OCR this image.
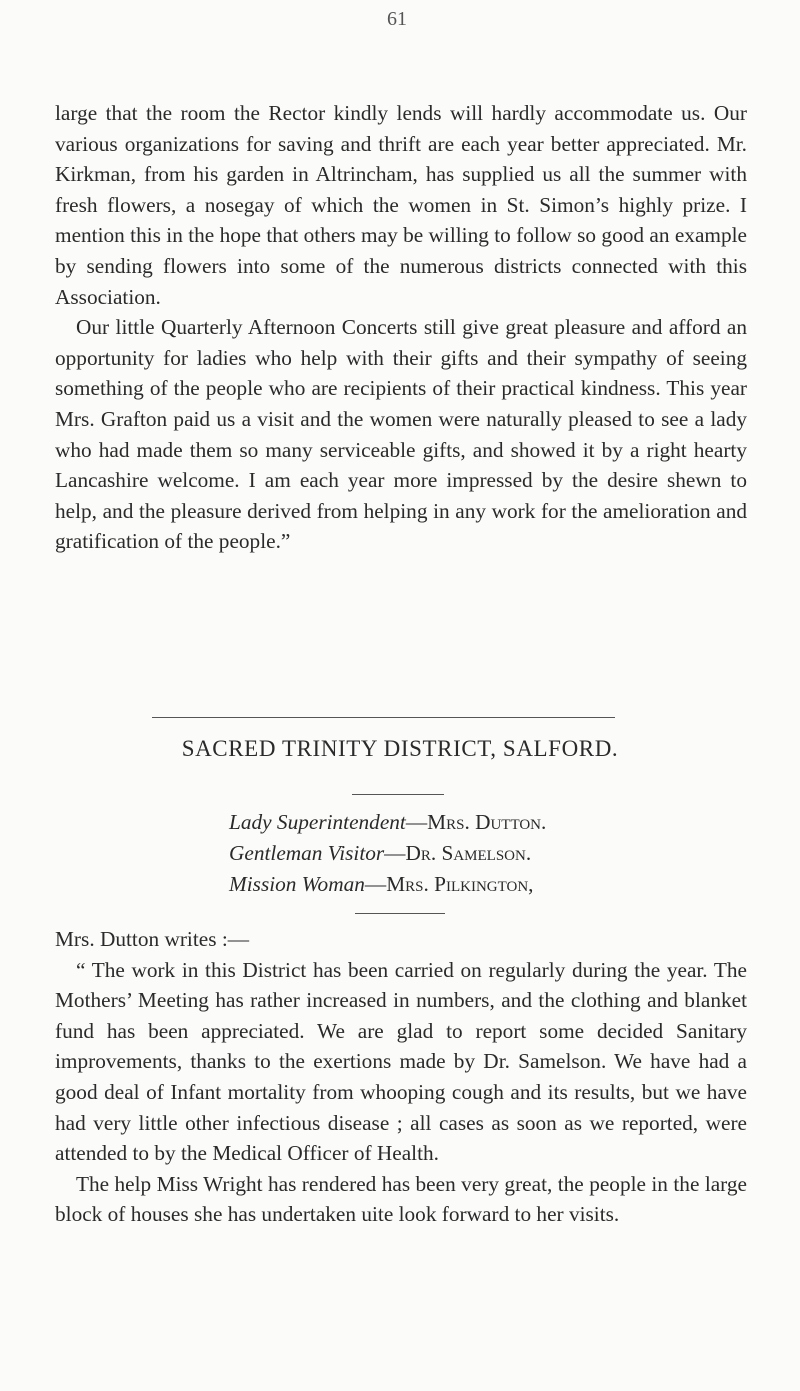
61

large that the room the Rector kindly lends will hardly accommodate us. Our various organizations for saving and thrift are each year better appreciated. Mr. Kirkman, from his garden in Altrincham, has supplied us all the summer with fresh flowers, a nosegay of which the women in St. Simon’s highly prize. I mention this in the hope that others may be willing to follow so good an example by sending flowers into some of the numerous districts connected with this Association.

Our little Quarterly Afternoon Concerts still give great pleasure and afford an opportunity for ladies who help with their gifts and their sympathy of seeing something of the people who are recipients of their practical kindness. This year Mrs. Grafton paid us a visit and the women were naturally pleased to see a lady who had made them so many serviceable gifts, and showed it by a right hearty Lancashire welcome. I am each year more impressed by the desire shewn to help, and the pleasure derived from helping in any work for the amelioration and gratification of the people.”

SACRED TRINITY DISTRICT, SALFORD.
Lady Superintendent—Mrs. Dutton.
Gentleman Visitor—Dr. Samelson.
Mission Woman—Mrs. Pilkington,

Mrs. Dutton writes :—

“ The work in this District has been carried on regularly during the year. The Mothers’ Meeting has rather increased in numbers, and the clothing and blanket fund has been appreciated. We are glad to report some decided Sanitary improvements, thanks to the exertions made by Dr. Samelson. We have had a good deal of Infant mortality from whooping cough and its results, but we have had very little other infectious disease ; all cases as soon as we reported, were attended to by the Medical Officer of Health.

The help Miss Wright has rendered has been very great, the people in the large block of houses she has undertaken uite look forward to her visits.
